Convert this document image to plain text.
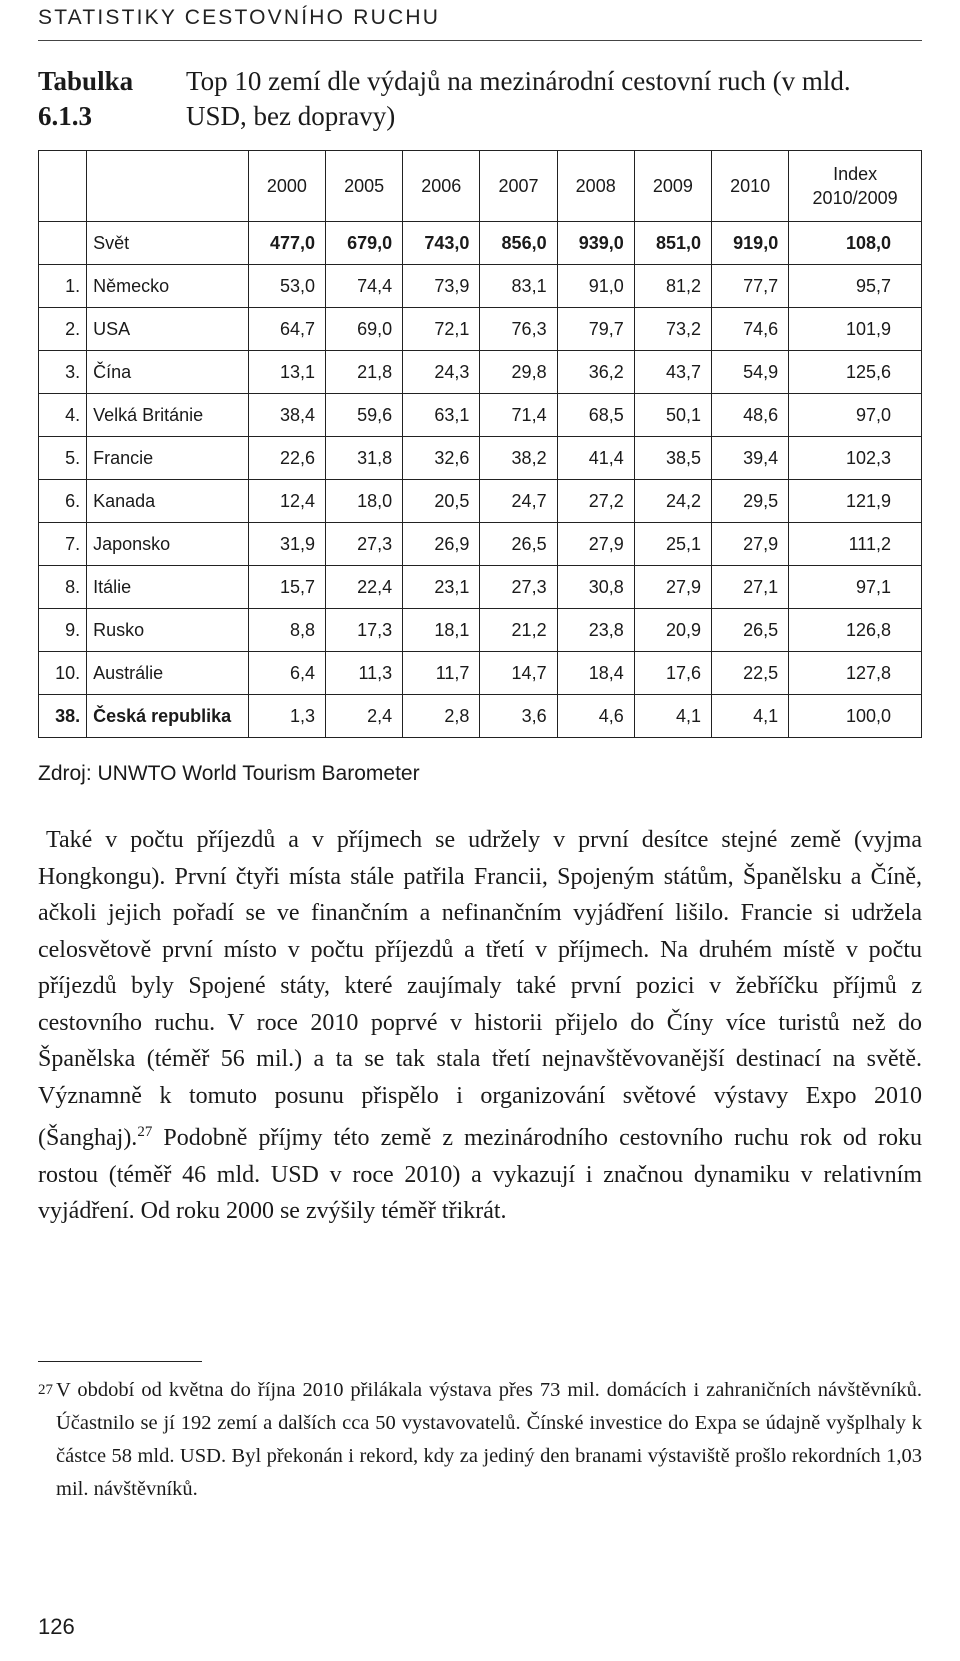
STATISTIKY CESTOVNÍHO RUCHU
Tabulka 6.1.3Top 10 zemí dle výdajů na mezinárodní cestovní ruch (v mld. USD, bez dopravy)
		2000	2005	2006	2007	2008	2009	2010	Index
2010/2009
	Svět	477,0	679,0	743,0	856,0	939,0	851,0	919,0	108,0
1.	Německo	53,0	74,4	73,9	83,1	91,0	81,2	77,7	95,7
2.	USA	64,7	69,0	72,1	76,3	79,7	73,2	74,6	101,9
3.	Čína	13,1	21,8	24,3	29,8	36,2	43,7	54,9	125,6
4.	Velká Británie	38,4	59,6	63,1	71,4	68,5	50,1	48,6	97,0
5.	Francie	22,6	31,8	32,6	38,2	41,4	38,5	39,4	102,3
6.	Kanada	12,4	18,0	20,5	24,7	27,2	24,2	29,5	121,9
7.	Japonsko	31,9	27,3	26,9	26,5	27,9	25,1	27,9	111,2
8.	Itálie	15,7	22,4	23,1	27,3	30,8	27,9	27,1	97,1
9.	Rusko	8,8	17,3	18,1	21,2	23,8	20,9	26,5	126,8
10.	Austrálie	6,4	11,3	11,7	14,7	18,4	17,6	22,5	127,8
38.	Česká republika	1,3	2,4	2,8	3,6	4,6	4,1	4,1	100,0
Zdroj: UNWTO World Tourism Barometer

Také v počtu příjezdů a v příjmech se udržely v první desítce stejné země (vyjma Hongkongu). První čtyři místa stále patřila Francii, Spojeným státům, Španělsku a Číně, ačkoli jejich pořadí se ve finančním a nefinančním vyjádření lišilo. Francie si udržela celosvětově první místo v počtu příjezdů a třetí v příjmech. Na druhém místě v počtu příjezdů byly Spojené státy, které zaujímaly také první pozici v žebříčku příjmů z cestovního ruchu. V roce 2010 poprvé v historii přijelo do Číny více turistů než do Španělska (téměř 56 mil.) a ta se tak stala třetí nejnavštěvovanější destinací na světě. Významně k tomuto posunu přispělo i organizování světové výstavy Expo 2010 (Šanghaj).$^{27}$ Podobně příjmy této země z mezinárodního cestovního ruchu rok od roku rostou (téměř 46 mld. USD v roce 2010) a vykazují i značnou dynamiku v relativním vyjádření. Od roku 2000 se zvýšily téměř třikrát.

27 V období od května do října 2010 přilákala výstava přes 73 mil. domácích i zahraničních návštěvníků. Účastnilo se jí 192 zemí a dalších cca 50 vystavovatelů. Čínské investice do Expa se údajně vyšplhaly k částce 58 mld. USD. Byl překonán i rekord, kdy za jediný den branami výstaviště prošlo rekordních 1,03 mil. návštěvníků.
126
